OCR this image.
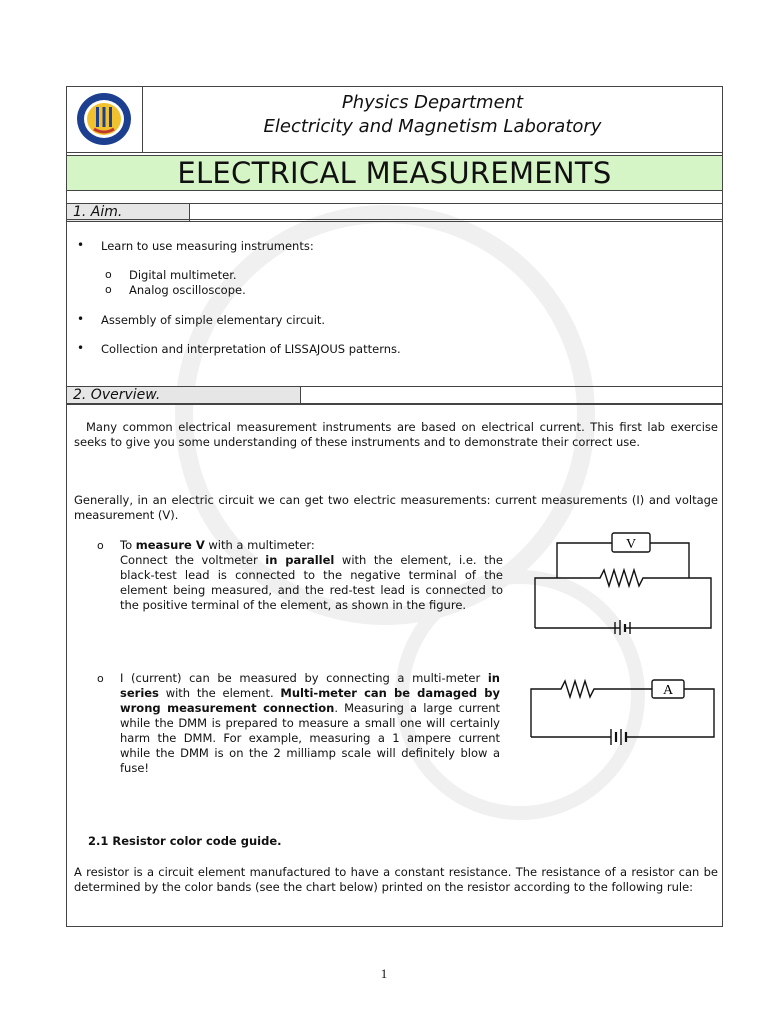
Physics Department
Electricity and Magnetism Laboratory
ELECTRICAL MEASUREMENTS
1. Aim.
• Learn to use measuring instruments:
o Digital multimeter.
o Analog oscilloscope.
• Assembly of simple elementary circuit.
• Collection and interpretation of LISSAJOUS patterns.
2. Overview.
Many common electrical measurement instruments are based on electrical current. This first lab exercise seeks to give you some understanding of these instruments and to demonstrate their correct use.
Generally, in an electric circuit we can get two electric measurements: current measurements (I) and voltage measurement (V).
o To measure V with a multimeter:
Connect the voltmeter in parallel with the element, i.e. the black-test lead is connected to the negative terminal of the element being measured, and the red-test lead is connected to the positive terminal of the element, as shown in the figure.
o I (current) can be measured by connecting a multi-meter in series with the element. Multi-meter can be damaged by wrong measurement connection. Measuring a large current while the DMM is prepared to measure a small one will certainly harm the DMM. For example, measuring a 1 ampere current while the DMM is on the 2 milliamp scale will definitely blow a fuse!
V
A
2.1 Resistor color code guide.
A resistor is a circuit element manufactured to have a constant resistance. The resistance of a resistor can be determined by the color bands (see the chart below) printed on the resistor according to the following rule:
1
